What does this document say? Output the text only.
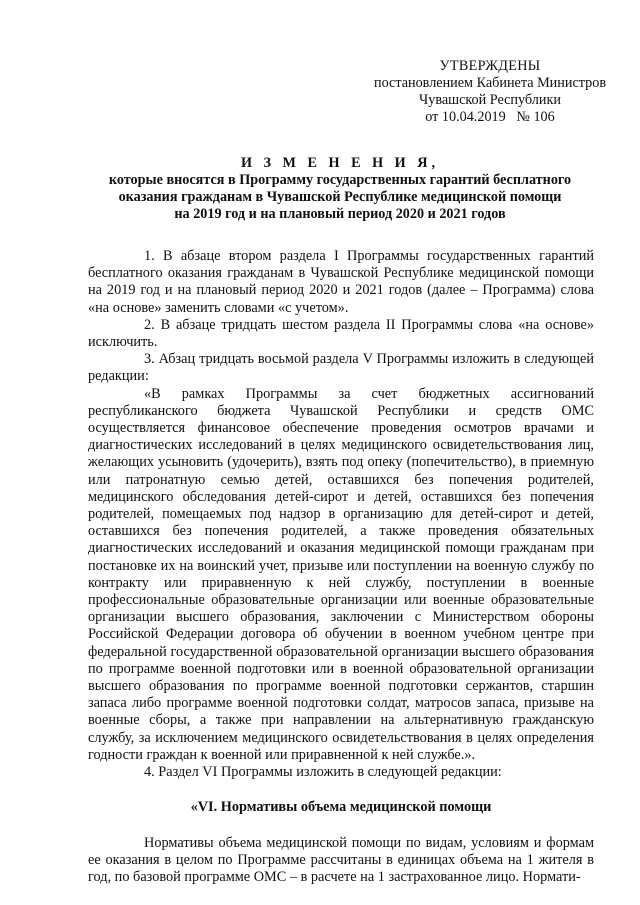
УТВЕРЖДЕНЫ
постановлением Кабинета Министров
Чувашской Республики
от 10.04.2019   № 106
И З М Е Н Е Н И Я,
которые вносятся в Программу государственных гарантий бесплатного
оказания гражданам в Чувашской Республике медицинской помощи
на 2019 год и на плановый период 2020 и 2021 годов

1. В абзаце втором раздела I Программы государственных гарантий бесплатного оказания гражданам в Чувашской Республике медицинской помощи на 2019 год и на плановый период 2020 и 2021 годов (далее – Программа) слова «на основе» заменить словами «с учетом».

2. В абзаце тридцать шестом раздела II Программы слова «на основе» исключить.

3. Абзац тридцать восьмой раздела V Программы изложить в следующей редакции:

«В рамках Программы за счет бюджетных ассигнований республиканского бюджета Чувашской Республики и средств ОМС осуществляется финансовое обеспечение проведения осмотров врачами и диагностических исследований в целях медицинского освидетельствования лиц, желающих усыновить (удочерить), взять под опеку (попечительство), в приемную или патронатную семью детей, оставшихся без попечения родителей, медицинского обследования детей-сирот и детей, оставшихся без попечения родителей, помещаемых под надзор в организацию для детей-сирот и детей, оставшихся без попечения родителей, а также проведения обязательных диагностических исследований и оказания медицинской помощи гражданам при постановке их на воинский учет, призыве или поступлении на военную службу по контракту или приравненную к ней службу, поступлении в военные профессиональные образовательные организации или военные образовательные организации высшего образования, заключении с Министерством обороны Российской Федерации договора об обучении в военном учебном центре при федеральной государственной образовательной организации высшего образования по программе военной подготовки или в военной образовательной организации высшего образования по программе военной подготовки сержантов, старшин запаса либо программе военной подготовки солдат, матросов запаса, призыве на военные сборы, а также при направлении на альтернативную гражданскую службу, за исключением медицинского освидетельствования в целях определения годности граждан к военной или приравненной к ней службе.».

4. Раздел VI Программы изложить в следующей редакции:

«VI. Нормативы объема медицинской помощи

Нормативы объема медицинской помощи по видам, условиям и формам ее оказания в целом по Программе рассчитаны в единицах объема на 1 жителя в год, по базовой программе ОМС – в расчете на 1 застрахованное лицо. Нормати-
